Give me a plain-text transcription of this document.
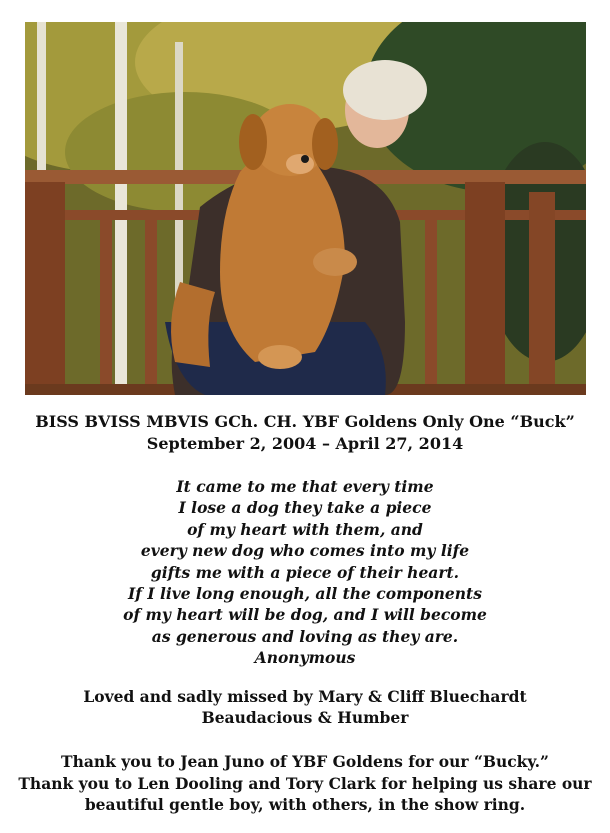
BISS BVISS MBVIS GCh. CH. YBF Goldens Only One “Buck”
September 2, 2004 – April 27, 2014
It came to me that every time
I lose a dog they take a piece
of my heart with them, and
every new dog who comes into my life
gifts me with a piece of their heart.
If I live long enough, all the components
of my heart will be dog, and I will become
as generous and loving as they are.
Anonymous
Loved and sadly missed by Mary & Cliff Bluechardt
Beaudacious & Humber
Thank you to Jean Juno of YBF Goldens for our “Bucky.”
Thank you to Len Dooling and Tory Clark for helping us share our
beautiful gentle boy, with others, in the show ring.
